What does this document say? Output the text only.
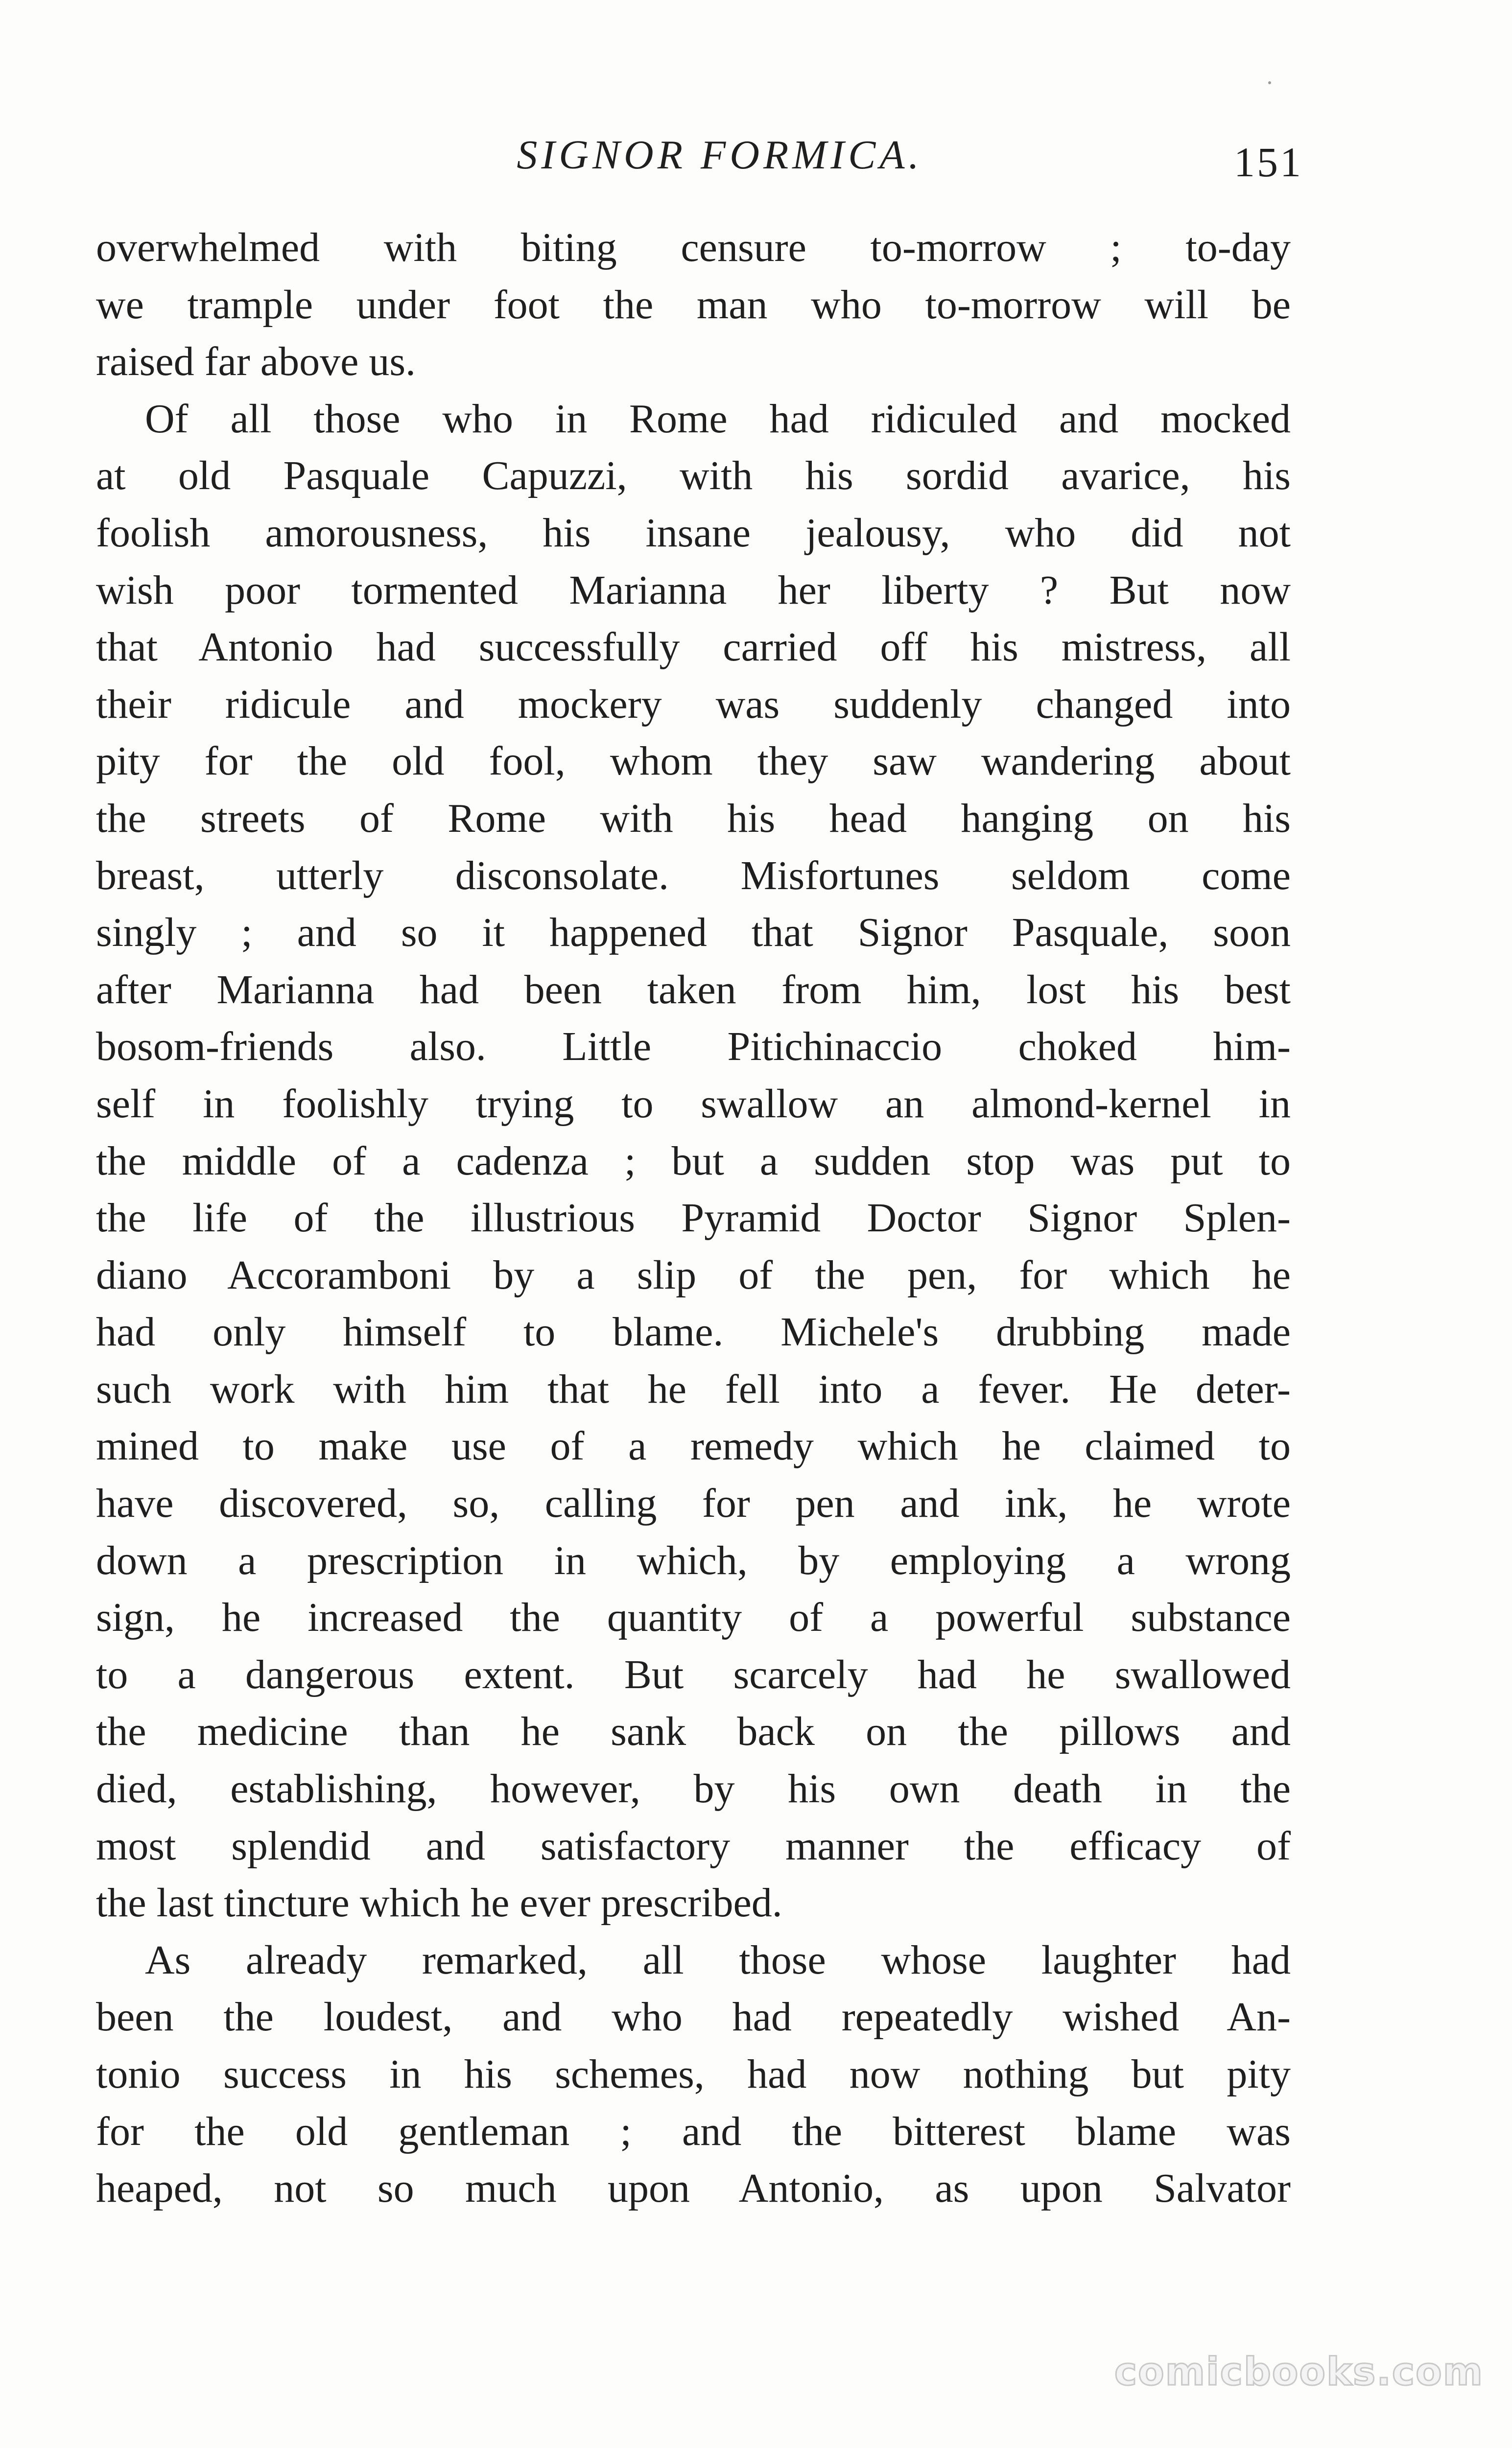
SIGNOR FORMICA.	151
overwhelmed with biting censure to-morrow ; to-day
we trample under foot the man who to-morrow will be
raised far above us.
Of all those who in Rome had ridiculed and mocked
at old Pasquale Capuzzi, with his sordid avarice, his
foolish amorousness, his insane jealousy, who did not
wish poor tormented Marianna her liberty ? But now
that Antonio had successfully carried off his mistress, all
their ridicule and mockery was suddenly changed into
pity for the old fool, whom they saw wandering about
the streets of Rome with his head hanging on his
breast, utterly disconsolate. Misfortunes seldom come
singly ; and so it happened that Signor Pasquale, soon
after Marianna had been taken from him, lost his best
bosom-friends also. Little Pitichinaccio choked him-
self in foolishly trying to swallow an almond-kernel in
the middle of a cadenza ; but a sudden stop was put to
the life of the illustrious Pyramid Doctor Signor Splen-
diano Accoramboni by a slip of the pen, for which he
had only himself to blame. Michele's drubbing made
such work with him that he fell into a fever. He deter-
mined to make use of a remedy which he claimed to
have discovered, so, calling for pen and ink, he wrote
down a prescription in which, by employing a wrong
sign, he increased the quantity of a powerful substance
to a dangerous extent. But scarcely had he swallowed
the medicine than he sank back on the pillows and
died, establishing, however, by his own death in the
most splendid and satisfactory manner the efficacy of
the last tincture which he ever prescribed.
As already remarked, all those whose laughter had
been the loudest, and who had repeatedly wished An-
tonio success in his schemes, had now nothing but pity
for the old gentleman ; and the bitterest blame was
heaped, not so much upon Antonio, as upon Salvator
comicbooks.com
